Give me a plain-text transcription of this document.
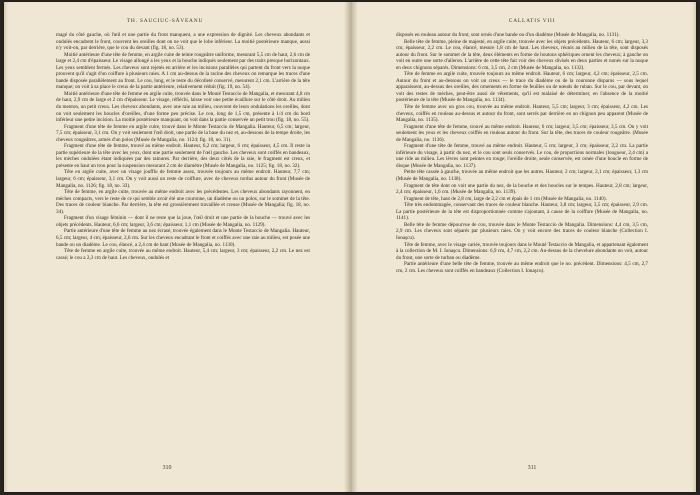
TH. SAUCIUC-SĂVEANU

magé du côté gauche, où l'œil et une partie du front manquent, a une expression de dignité. Les cheveux abondants et ondulés encadrent le front, couvrent les oreilles dont on ne voit que le lobe inférieur. La moitié postérieure manque, aussi n'y voit-on, par derrière, que le cou du devant (fig. 18, no. 53).

Moitié antérieure d'une tête de femme, en argile cuite de teinte rougeâtre uniforme, mesurant 5,5 cm de haut, 2,6 cm de large et 2,4 cm d'épaisseur. Le visage allongé a les yeux et la bouche indiqués seulement par des traits presque horizontaux. Les yeux semblent fermés. Les cheveux sont rejetés en arrière et les incisions parallèles qui partent du front vers la nuque prouvent qu'il s'agit d'un coiffure à plusieurs raies. A 1 cm au-dessus de la racine des cheveux on remarque les traces d'une bande disposée parallèlement au front. Le cou, long, et le reste du décolleté conservé, mesurent 2,1 cm. L'arrière de la tête manque; on voit à sa place le creux de la partie antérieure, relativement réduit (fig. 19, no. 54).

Moitié antérieure d'une tête de femme en argile cuite, trouvée dans le Mouté Testaccio de Mangalia, et mesurant 4,8 cm de haut, 2,9 cm de large et 2 cm d'épaisseur. Le visage, réfléchi, laisse voir une petite écaillure sur le côté droit. Au milieu du menton, un petit creux. Les cheveux abondants, avec une raie au milieu, couvrent de leurs ondulations les oreilles, dont on voit seulement les boucles d'oreilles, d'une forme peu précise. Le cou, long de 1,5 cm, présente à 1/4 cm du bord inférieur une petite incision. La moitié postérieure manquant, on voit dans la partie conservée un petit trou (fig. 18, no. 55).

Fragment d'une tête de femme en argile cuite, trouvé dans le Monte Testaccio de Mangalia. Hauteur, 6,5 cm; largeur, 7,5 cm; épaisseur, 3,1 cm. On y voit seulement l'œil droit, une partie de la base du nez et, au-dessous de la tempe droite, les cheveux rougeâtres, armés d'un polos (Musée de Mangalia, no. 1124; fig. 18, no. 31).

Fragment d'une tête de femme, trouvé au même endroit. Hauteur, 6,2 cm; largeur, 6 cm; épaisseur, 4,5 cm. Il reste la partie supérieure de la tête avec les yeux, dont une partie seulement de l'œil gauche. Les cheveux sont coiffés en bandeaux, les mèches ondulées étant indiquées par des rainures. Par derrière, des deux côtés de la raie, le fragment est creux, et présente en haut un trou pour la suspension mesurant 2 cm de diamètre (Musée de Mangalia, no. 1125; fig. 18, no. 32).

Tête en argile cuite, avec un visage joufflu de femme assez, trouvée toujours au même endroit. Hauteur, 7,7 cm; largeur, 6 cm; épaisseur, 3,1 cm. On y voit aussi un reste de coiffure, avec de cheveux tordus autour du front (Musée de Mangalia, no. 1126; fig. 18, no. 33).

Tête de femme, en argile cuite, trouvée au même endroit avec les précédentes. Les cheveux abondants rayonnent, en mèches compacts, vers le reste de ce qui semble avoir été une couronne, un diadème ou un polos, sur le sommet de la tête. Des traces de couleur blanche. Par derrière, la tête est grossièrement travaillée et creuse (Musée de Mangalia; fig. 18, no. 34).

Fragment d'un visage féminin — dont il ne reste que la joue, l'œil droit et une partie de la bouche — trouvé avec les objets précédents. Hauteur, 6,6 cm; largeur, 3,6 cm; épaisseur, 1,1 cm (Musée de Mangalia, no. 1129).

Partie antérieure d'une tête de femme au nez écrasé, trouvée également dans le Monte Testaccio de Mangalia. Hauteur, 6,5 cm; largeur, 4 cm; épaisseur, 2,6 cm. Sur les cheveux encadrant le front et coiffés avec une raie au milieu, est posée une bande ou un diadème. Le cou, élancé, a 2,4 cm de haut (Musée de Mangalia, no. 1130).

Tête de femme en argile cuite, trouvée au même endroit. Hauteur, 5,4 cm; largeur, 3 cm; épaisseur, 2,2 cm. Le nez est cassé; le cou a 2,3 cm de haut. Les cheveux, ondulés et

310
CALLATIS VIII

disposés en rouleau autour du front, sont ornés d'une bande ou d'un diadème (Musée de Mangalia, no. 1131).

Belle tête de femme, pleine de majesté, en argile cuite, trouvée avec les objets précédents. Hauteur, 6 cm; largeur, 3,3 cm; épaisseur, 2,2 cm. Le cou, élancé, mesure 1,8 cm de haut. Les cheveux, réunis au milieu de la tête, sont disposés autour du front. Sur le sommet de la tête, deux éléments en forme de boutons sphériques ornent les cheveux; à gauche on voit en outre une sorte d'aileron. L'arrière de cette tête fait voir des cheveux divisés en deux parties et nonés sur la nuque en deux chignons séparés. Dimensions: 6 cm, 3,5 cm, 2 cm (Musée de Mangalia, no. 1132).

Tête de femme en argile cuite, trouvée toujours au même endroit. Hauteur, 6 cm; largeur, 4,2 cm; épaisseur, 2,5 cm. Autour du front et au-dessous on voit un creux — le trace du diadème ou de la couronne disparus — sous lequel apparaissent, au-dessus des oreilles, des ornements en forme de feuilles ou de nœuds de ruban. Sur le cou, par devant, on voit des restes de mèches, peut-être aussi de vêtements, qu'il est malaisé de déterminer, en l'absence de la moitié postérieure de la tête (Musée de Mangalia, no. 1134).

Tête de femme avec un gros cou, trouvée au même endroit. Hauteur, 5,5 cm; largeur, 3 cm; épaisseur, 4,2 cm. Les cheveux, coiffés en rouleau au-dessus et autour du front, sont serrés par derrière en un chignon peu apparent (Musée de Mangalia, no. 1135).

Fragment d'une tête de femme, trouvé au même endroit. Hauteur, 6 cm; largeur, 3,5 cm; épaisseur, 3,5 cm. On y voit seulement les yeux et les cheveux coiffés en rouleau autour du front. Sur la tête, des traces de couleur rougeâtre. (Musée de Mangalia, no. 1136).

Fragment d'une tête de femme, trouvé au même endroit. Hauteur, 5 cm; largeur, 3 cm; épaisseur, 2,2 cm. La partie inférieure du visage, à partir du nez, et le cou sont seuls conservés. Le cou, de proportions normales (longueur, 2,4 cm) a une ride au milieu. Les lèvres sont peintes en rouge; l'oreille droite, seule conservée, est ornée d'une boucle en forme de disque (Musée de Mangalia, no. 1137).

Petite tête cassée à gauche, trouvée au même endroit que les autres. Hauteur, 2 cm; largeur, 2,1 cm; épaisseur, 1,3 cm (Musée de Mangalia, no. 1138).

Fragment de tête dont on voit une partie du nez, de la bouche et des boucles sur le tempes. Hauteur, 2,8 cm; largeur, 2,4 cm; épaisseur, 1,6 cm. (Musée de Mangalia, no. 1139).

Fragment de tête, haut de 2,8 cm, large de 2,2 cm et épais de 1 cm (Musée de Mangalia, no. 1140).

Tête très endommagée, conservant des traces de couleur blanche. Hauteur, 3,8 cm; largeur, 3,5 cm; épaisseur, 2,9 cm. La partie postérieure de la tête est disproportionnée comme s'ajoutant, à cause de la coiffure (Musée de Mangalia, no. 1141).

Belle tête de femme dépourvue de cou, trouvée dans le Monte Testaccio de Mangalia. Dimensions: 4,4 cm, 3,5 cm, 2,9 cm. Les cheveux sont séparés par plusieurs raies. On y voit encore des traces de couleur blanche (Collection I. Ionaşcu).

Tête de femme, avec le visage cariée, trouvée toujours dans le Mouté Testaccio de Mangalia, et appartenant également à la collection de M. I. Ionaşcu. Dimensions: 6,9 cm, 4,7 cm, 2,2 cm. Au-dessus de la chevelure abondante on voit, autour du front, une sorte de turban ou diadème.

Partie antérieure d'une belle tête de femme, trouvée au même endroit que le no. précédent. Dimensions: 4,5 cm, 2,7 cm, 2 cm. Les cheveux sont coiffés en bandeaux (Collection I. Ionaşcu).

311
